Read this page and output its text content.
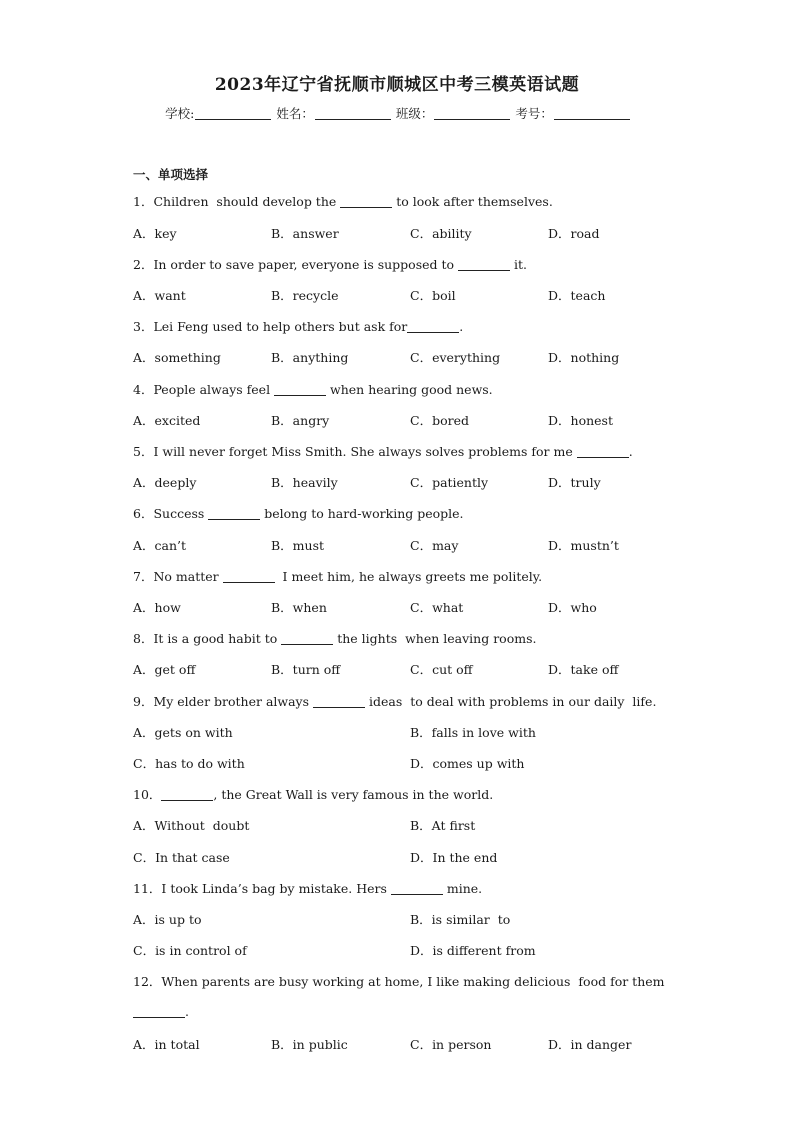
2023年辽宁省抚顺市顺城区中考三模英语试题
学校:	姓名：	班级：	考号：
一、单项选择
1．Children  should develop the	to look after themselves.
A．key	B．answer	C．ability	D．road
2．In order to save paper, everyone is supposed to	it.
A．want	B．recycle	C．boil	D．teach
3．Lei Feng used to help others but ask for	.
A．something	B．anything	C．everything	D．nothing
4．People always feel	when hearing good news.
A．excited	B．angry	C．bored	D．honest
5．I will never forget Miss Smith. She always solves problems for me	.
A．deeply	B．heavily	C．patiently	D．truly
6．Success	belong to hard-working people.
A．can’t	B．must	C．may	D．mustn’t
7．No matter	I meet him, he always greets me politely.
A．how	B．when	C．what	D．who
8．It is a good habit to	the lights  when leaving rooms.
A．get off	B．turn off	C．cut off	D．take off
9．My elder brother always	ideas  to deal with problems in our daily  life.
A．gets on with	B．falls in love with
C．has to do with	D．comes up with
10．	, the Great Wall is very famous in the world.
A．Without  doubt	B．At first
C．In that case	D．In the end
11．I took Linda’s bag by mistake. Hers	mine.
A．is up to	B．is similar  to
C．is in control of	D．is different from
12．When parents are busy working at home, I like making delicious  food for them
.
A．in total	B．in public	C．in person	D．in danger
